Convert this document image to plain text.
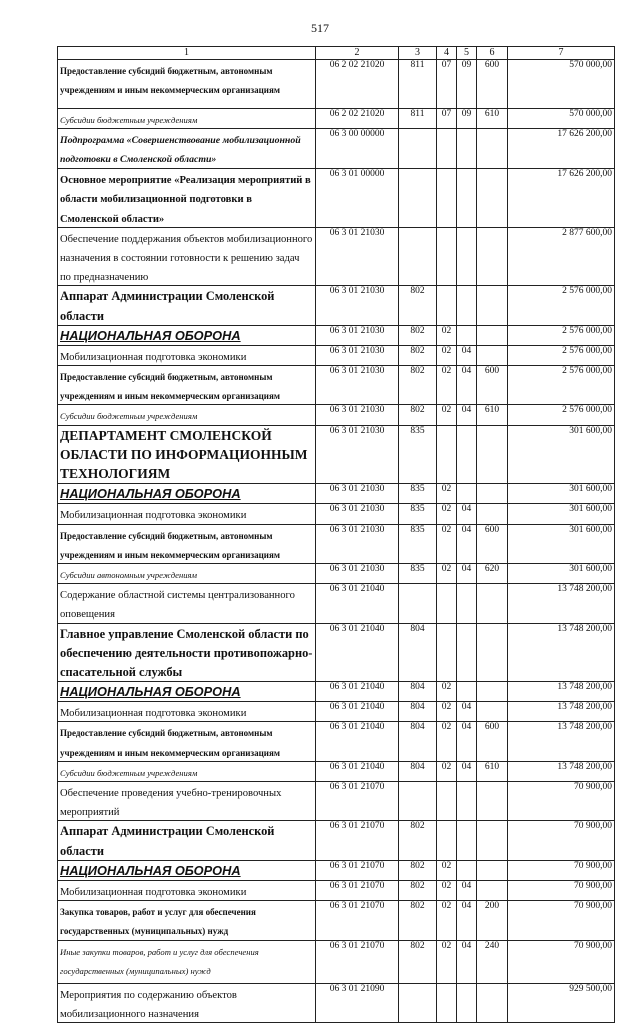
517
1	2	3	4	5	6	7
Предоставление субсидий бюджетным, автономным учреждениям и иным некоммерческим организациям	06 2 02 21020	811	07	09	600	570 000,00
Субсидии бюджетным учреждениям	06 2 02 21020	811	07	09	610	570 000,00
Подпрограмма «Совершенствование мобилизационной подготовки в Смоленской области»	06 3 00 00000					17 626 200,00
Основное мероприятие «Реализация мероприятий в области мобилизационной подготовки в Смоленской области»	06 3 01 00000					17 626 200,00
Обеспечение поддержания объектов мобилизационного назначения в состоянии готовности к решению задач по предназначению	06 3 01 21030					2 877 600,00
Аппарат Администрации Смоленской области	06 3 01 21030	802				2 576 000,00
НАЦИОНАЛЬНАЯ ОБОРОНА	06 3 01 21030	802	02			2 576 000,00
Мобилизационная подготовка экономики	06 3 01 21030	802	02	04		2 576 000,00
Предоставление субсидий бюджетным, автономным учреждениям и иным некоммерческим организациям	06 3 01 21030	802	02	04	600	2 576 000,00
Субсидии бюджетным учреждениям	06 3 01 21030	802	02	04	610	2 576 000,00
ДЕПАРТАМЕНТ СМОЛЕНСКОЙ ОБЛАСТИ ПО ИНФОРМАЦИОННЫМ ТЕХНОЛОГИЯМ	06 3 01 21030	835				301 600,00
НАЦИОНАЛЬНАЯ ОБОРОНА	06 3 01 21030	835	02			301 600,00
Мобилизационная подготовка экономики	06 3 01 21030	835	02	04		301 600,00
Предоставление субсидий бюджетным, автономным учреждениям и иным некоммерческим организациям	06 3 01 21030	835	02	04	600	301 600,00
Субсидии автономным учреждениям	06 3 01 21030	835	02	04	620	301 600,00
Содержание областной системы централизованного оповещения	06 3 01 21040					13 748 200,00
Главное управление Смоленской области по обеспечению деятельности противопожарно-спасательной службы	06 3 01 21040	804				13 748 200,00
НАЦИОНАЛЬНАЯ ОБОРОНА	06 3 01 21040	804	02			13 748 200,00
Мобилизационная подготовка экономики	06 3 01 21040	804	02	04		13 748 200,00
Предоставление субсидий бюджетным, автономным учреждениям и иным некоммерческим организациям	06 3 01 21040	804	02	04	600	13 748 200,00
Субсидии бюджетным учреждениям	06 3 01 21040	804	02	04	610	13 748 200,00
Обеспечение проведения учебно-тренировочных мероприятий	06 3 01 21070					70 900,00
Аппарат Администрации Смоленской области	06 3 01 21070	802				70 900,00
НАЦИОНАЛЬНАЯ ОБОРОНА	06 3 01 21070	802	02			70 900,00
Мобилизационная подготовка экономики	06 3 01 21070	802	02	04		70 900,00
Закупка товаров, работ и услуг для обеспечения государственных (муниципальных) нужд	06 3 01 21070	802	02	04	200	70 900,00
Иные закупки товаров, работ и услуг для обеспечения государственных (муниципальных) нужд	06 3 01 21070	802	02	04	240	70 900,00
Мероприятия по содержанию объектов мобилизационного назначения	06 3 01 21090					929 500,00
